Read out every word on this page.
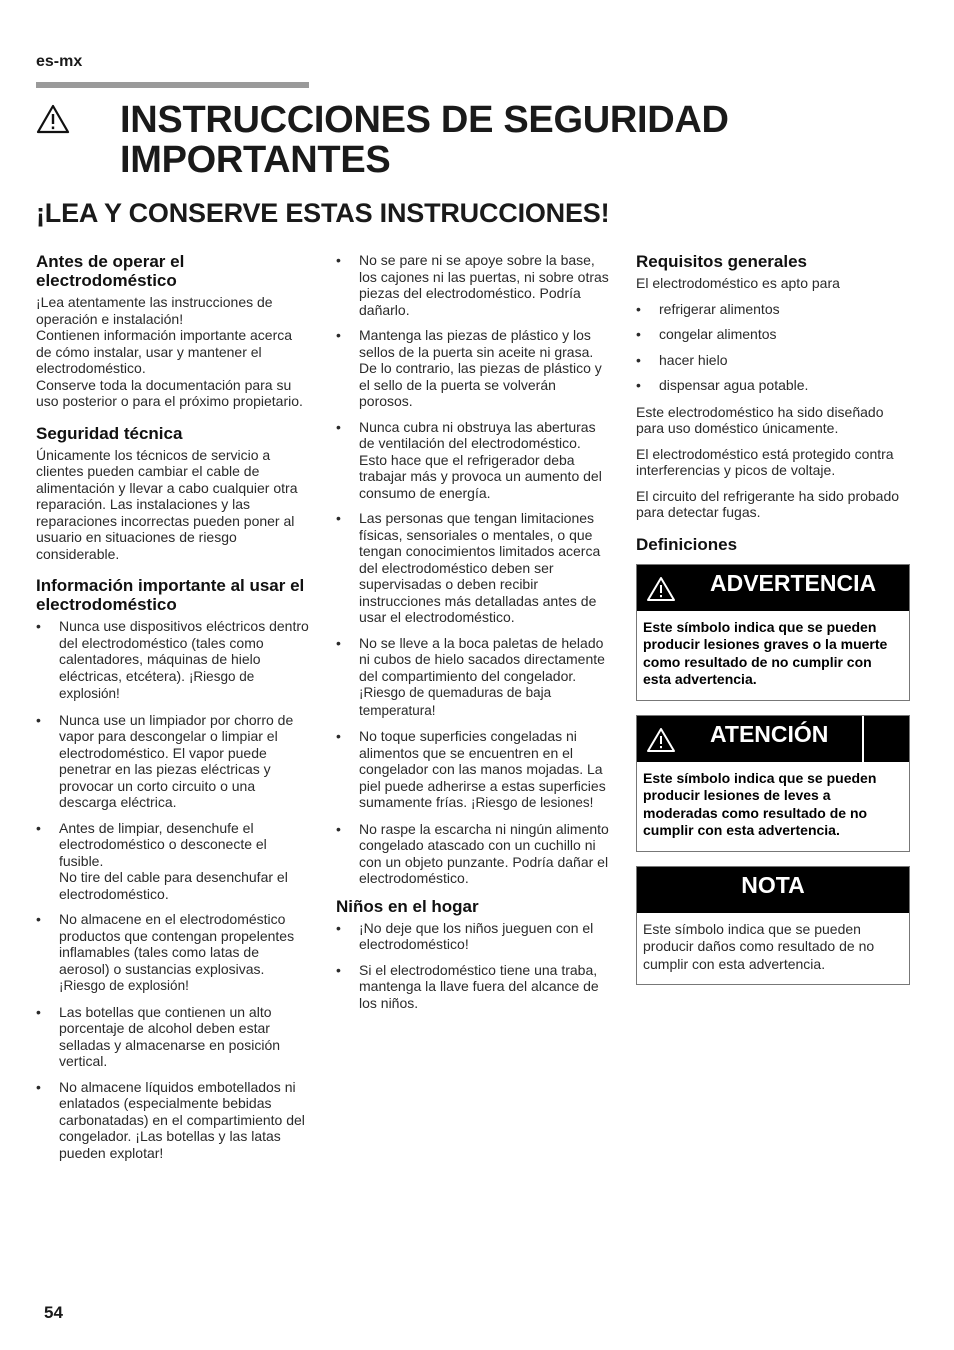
es-mx
INSTRUCCIONES DE SEGURIDAD
IMPORTANTES
¡LEA Y CONSERVE ESTAS INSTRUCCIONES!
Antes de operar el electrodoméstico
¡Lea atentamente las instrucciones de operación e instalación!
Contienen información importante acerca de cómo instalar, usar y mantener el electrodoméstico.
Conserve toda la documentación para su uso posterior o para el próximo propietario.
Seguridad técnica

Únicamente los técnicos de servicio a clientes pueden cambiar el cable de alimentación y llevar a cabo cualquier otra reparación. Las instalaciones y las reparaciones incorrectas pueden poner al usuario en situaciones de riesgo considerable.

Información importante al usar el electrodoméstico
• Nunca use dispositivos eléctricos dentro del electrodoméstico (tales como calentadores, máquinas de hielo eléctricas, etcétera). ¡Riesgo de explosión!
• Nunca use un limpiador por chorro de vapor para descongelar o limpiar el electrodoméstico. El vapor puede penetrar en las piezas eléctricas y provocar un corto circuito o una descarga eléctrica.
• Antes de limpiar, desenchufe el electrodoméstico o desconecte el fusible.
No tire del cable para desenchufar el electrodoméstico.
• No almacene en el electrodoméstico productos que contengan propelentes inflamables (tales como latas de aerosol) o sustancias explosivas. ¡Riesgo de explosión!
• Las botellas que contienen un alto porcentaje de alcohol deben estar selladas y almacenarse en posición vertical.
• No almacene líquidos embotellados ni enlatados (especialmente bebidas carbonatadas) en el compartimiento del congelador. ¡Las botellas y las latas pueden explotar!
• No se pare ni se apoye sobre la base, los cajones ni las puertas, ni sobre otras piezas del electrodoméstico. Podría dañarlo.
• Mantenga las piezas de plástico y los sellos de la puerta sin aceite ni grasa. De lo contrario, las piezas de plástico y el sello de la puerta se volverán porosos.
• Nunca cubra ni obstruya las aberturas de ventilación del electrodoméstico. Esto hace que el refrigerador deba trabajar más y provoca un aumento del consumo de energía.
• Las personas que tengan limitaciones físicas, sensoriales o mentales, o que tengan conocimientos limitados acerca del electrodoméstico deben ser supervisadas o deben recibir instrucciones más detalladas antes de usar el electrodoméstico.
• No se lleve a la boca paletas de helado ni cubos de hielo sacados directamente del compartimiento del congelador. ¡Riesgo de quemaduras de baja temperatura!
• No toque superficies congeladas ni alimentos que se encuentren en el congelador con las manos mojadas. La piel puede adherirse a estas superficies sumamente frías. ¡Riesgo de lesiones!
• No raspe la escarcha ni ningún alimento congelado atascado con un cuchillo ni con un objeto punzante. Podría dañar el electrodoméstico.
Niños en el hogar
• ¡No deje que los niños jueguen con el electrodoméstico!
• Si el electrodoméstico tiene una traba, mantenga la llave fuera del alcance de los niños.
Requisitos generales

El electrodoméstico es apto para

• refrigerar alimentos
• congelar alimentos
• hacer hielo
• dispensar agua potable.

Este electrodoméstico ha sido diseñado para uso doméstico únicamente.

El electrodoméstico está protegido contra interferencias y picos de voltaje.

El circuito del refrigerante ha sido probado para detectar fugas.

Definiciones
ADVERTENCIA
Este símbolo indica que se pueden producir lesiones graves o la muerte como resultado de no cumplir con esta advertencia.
ATENCIÓN
Este símbolo indica que se pueden producir lesiones de leves a moderadas como resultado de no cumplir con esta advertencia.
NOTA
Este símbolo indica que se pueden producir daños como resultado de no cumplir con esta advertencia.
54
